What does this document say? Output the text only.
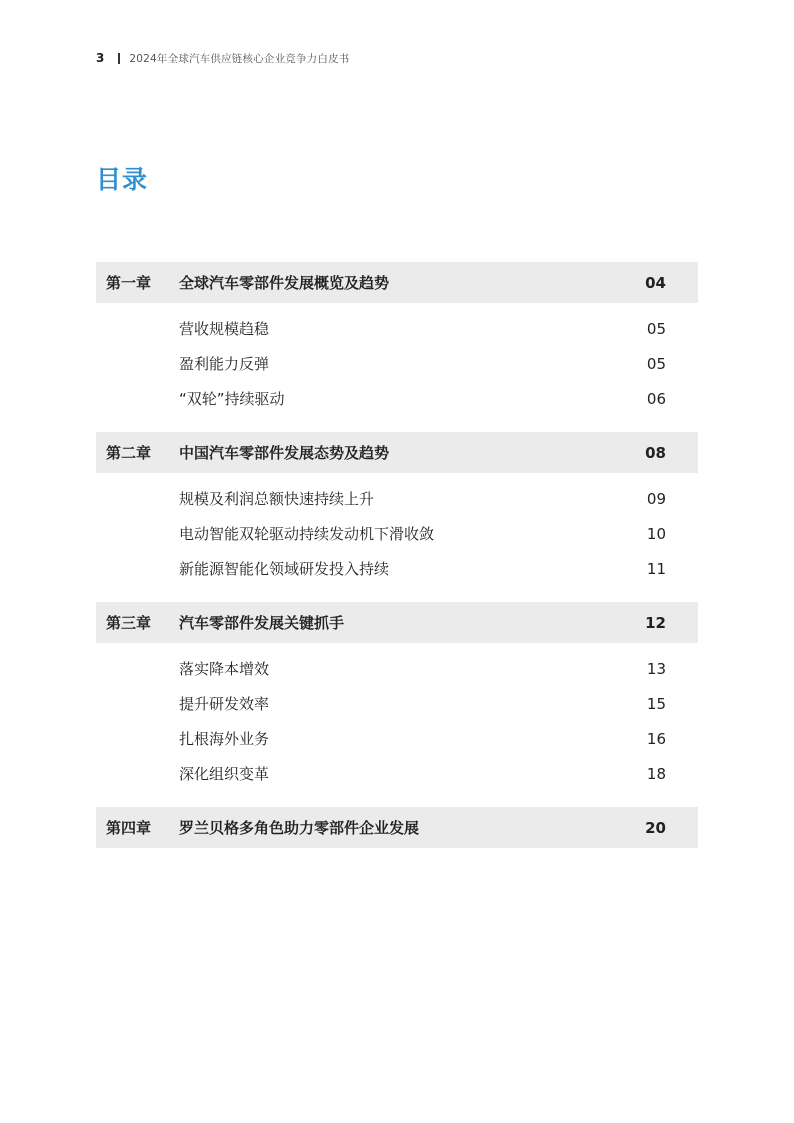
3 2024年全球汽车供应链核心企业竞争力白皮书
目录
第一章 全球汽车零部件发展概览及趋势	04
营收规模趋稳	05
盈利能力反弹	05
“双轮”持续驱动	06
第二章 中国汽车零部件发展态势及趋势	08
规模及利润总额快速持续上升	09
电动智能双轮驱动持续发动机下滑收敛	10
新能源智能化领域研发投入持续	11
第三章 汽车零部件发展关键抓手	12
落实降本增效	13
提升研发效率	15
扎根海外业务	16
深化组织变革	18
第四章 罗兰贝格多角色助力零部件企业发展	20
